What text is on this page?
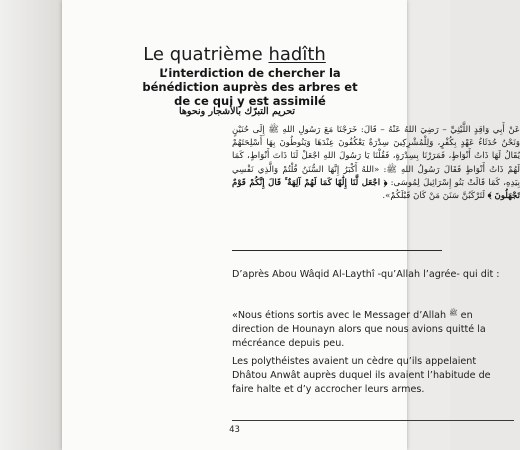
Le quatrième hadîth
L’interdiction de chercher la bénédiction auprès des arbres et de ce qui y est assimilé
تحريم التبرّك بالأشجار ونحوها
عَنْ أَبِي وَاقِدٍ اللَّيْثِيِّ – رَضِيَ اللهُ عَنْهُ – قَالَ: خَرَجْنَا مَعَ رَسُولِ اللهِ ﷺ إِلَى حُنَيْنٍ وَنَحْنُ حُدَثَاءُ عَهْدٍ بِكُفْرٍ، وَلِلْمُشْرِكِينَ سِدْرَةٌ يَعْكُفُونَ عِنْدَهَا وَيَنُوطُونَ بِهَا أَسْلِحَتَهُمْ يُقَالُ لَهَا ذَاتُ أَنْوَاطٍ، فَمَرَرْنَا بِسِدْرَةٍ، فَقُلْنَا يَا رَسُولَ اللهِ اجْعَلْ لَنَا ذَاتَ أَنْوَاطٍ، كَمَا لَهُمْ ذَاتُ أَنْوَاطٍ فَقَالَ رَسُولُ اللهِ ﷺ: «اللهُ أَكْبَرُ إِنَّهَا السُّنَنُ قُلْتُمْ وَالَّذِي نَفْسِي بِيَدِهِ، كَمَا قَالَتْ بَنُو إِسْرَائِيلَ لِمُوسَى: ﴿ اجْعَل لَّنَا إِلَٰهًا كَمَا لَهُمْ آلِهَةٌ ۚ قَالَ إِنَّكُمْ قَوْمٌ تَجْهَلُونَ ﴾ لَتَرْكَبُنَّ سَنَنَ مَنْ كَانَ قَبْلَكُمْ».
D’après Abou Wâqid Al-Laythî -qu’Allah l’agrée- qui dit :
«Nous étions sortis avec le Messager d’Allah $^ﷺ$ en direction de Hounayn alors que nous avions quitté la mécréance depuis peu.
Les polythéistes avaient un cèdre qu’ils appelaient Dhâtou Anwât auprès duquel ils avaient l’habitude de faire halte et d’y accrocher leurs armes.
43
